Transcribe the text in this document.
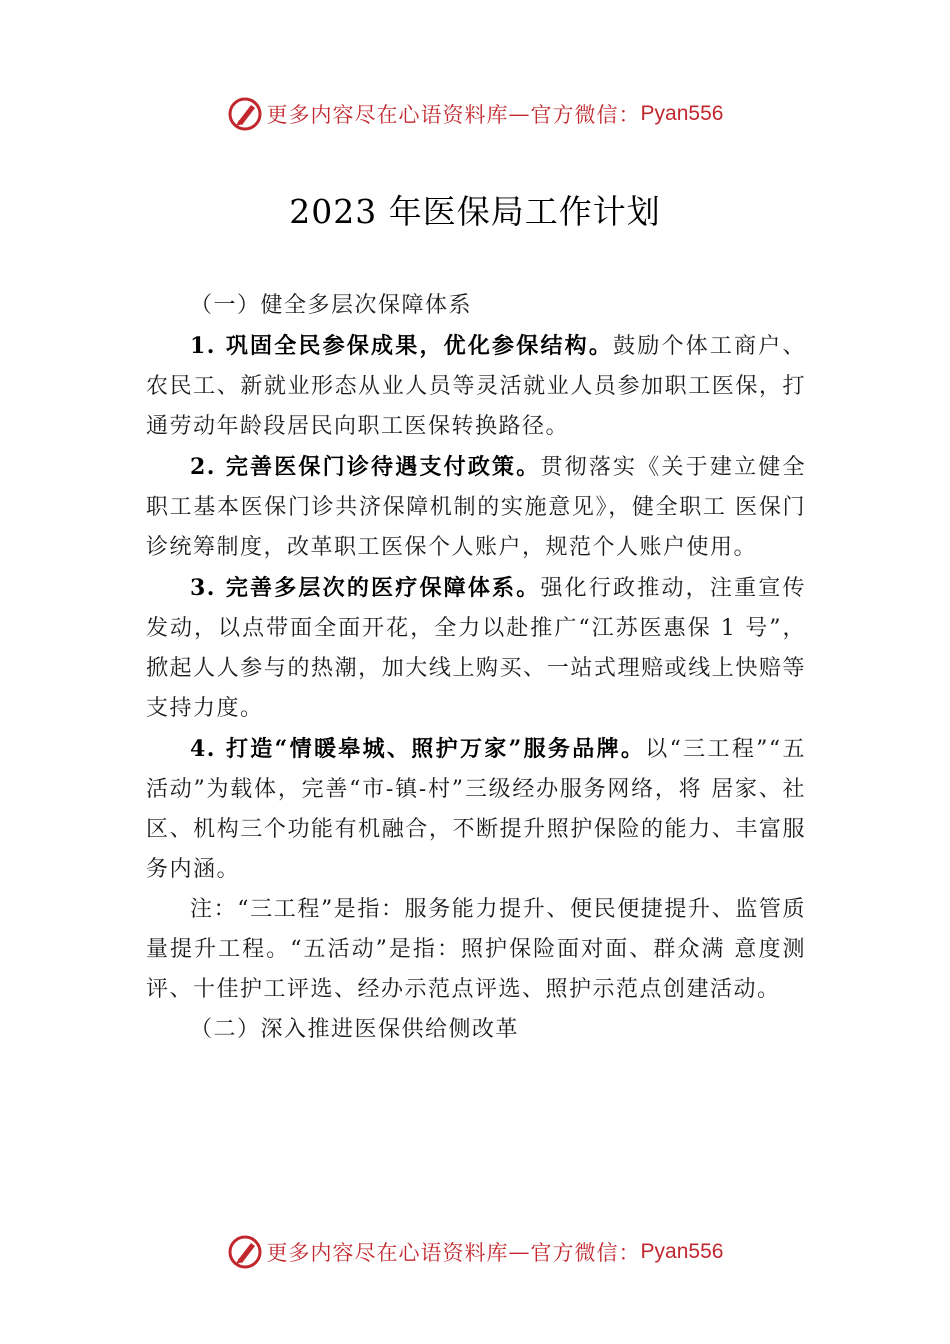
更多内容尽在心语资料库 — 官方微信： Pyan556
2023 年医保局工作计划

（一）健全多层次保障体系

1. 巩固全民参保成果，优化参保结构。鼓励个体工商户、农民工、新就业形态从业人员等灵活就业人员参加职工医保，打通劳动年龄段居民向职工医保转换路径。

2. 完善医保门诊待遇支付政策。贯彻落实《关于建立健全职工基本医保门诊共济保障机制的实施意见》，健全职工 医保门诊统筹制度，改革职工医保个人账户，规范个人账户使用。

3. 完善多层次的医疗保障体系。强化行政推动，注重宣传发动，以点带面全面开花，全力以赴推广“江苏医惠保 1 号”，掀起人人参与的热潮，加大线上购买、一站式理赔或线上快赔等支持力度。

4. 打造“情暖皋城、照护万家”服务品牌。以“三工程”“五活动”为载体，完善“市-镇-村”三级经办服务网络，将 居家、社区、机构三个功能有机融合，不断提升照护保险的能力、丰富服务内涵。

注：“三工程”是指：服务能力提升、便民便捷提升、监管质量提升工程。“五活动”是指：照护保险面对面、群众满 意度测评、十佳护工评选、经办示范点评选、照护示范点创建活动。

（二）深入推进医保供给侧改革

更多内容尽在心语资料库 — 官方微信： Pyan556
